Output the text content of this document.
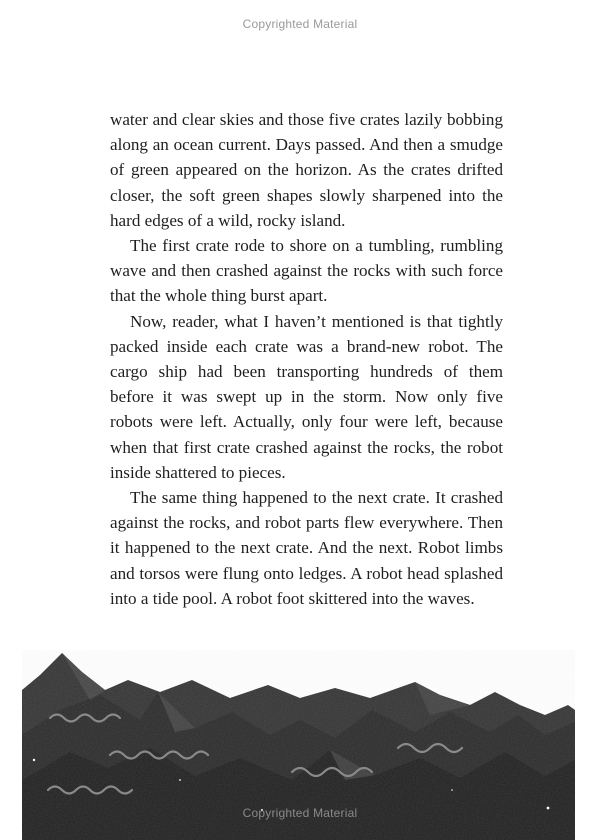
Copyrighted Material

water and clear skies and those five crates lazily bobbing along an ocean current. Days passed. And then a smudge of green appeared on the horizon. As the crates drifted closer, the soft green shapes slowly sharpened into the hard edges of a wild, rocky island.

The first crate rode to shore on a tumbling, rumbling wave and then crashed against the rocks with such force that the whole thing burst apart.

Now, reader, what I haven’t mentioned is that tightly packed inside each crate was a brand-new robot. The cargo ship had been transporting hundreds of them before it was swept up in the storm. Now only five robots were left. Actually, only four were left, because when that first crate crashed against the rocks, the robot inside shattered to pieces.

The same thing happened to the next crate. It crashed against the rocks, and robot parts flew everywhere. Then it happened to the next crate. And the next. Robot limbs and torsos were flung onto ledges. A robot head splashed into a tide pool. A robot foot skittered into the waves.

Copyrighted Material
